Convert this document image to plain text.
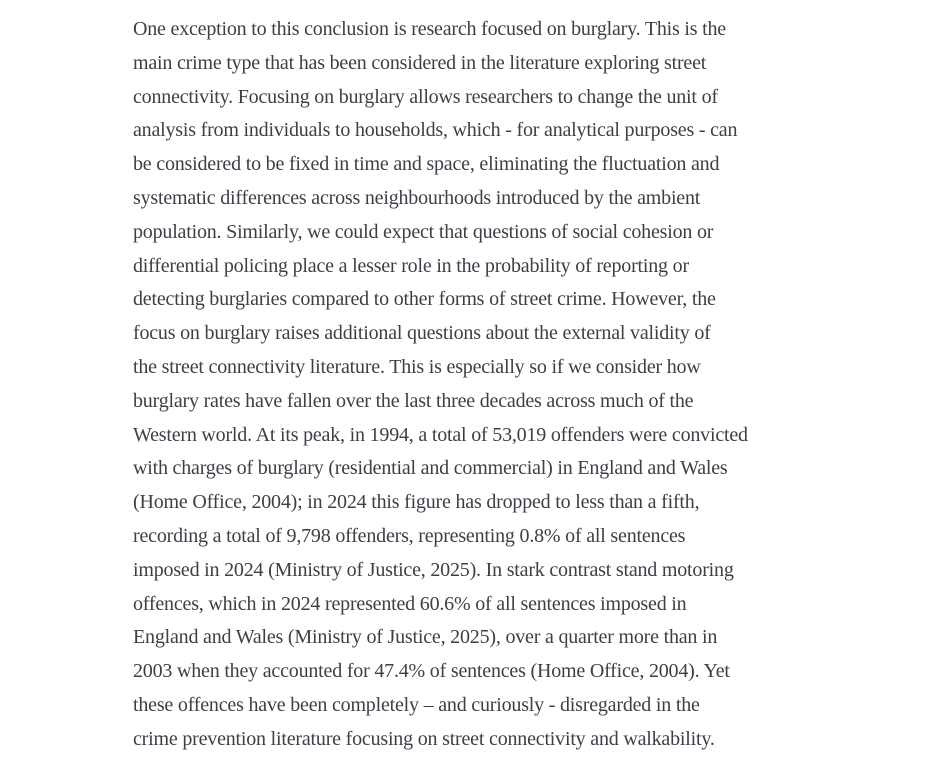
One exception to this conclusion is research focused on burglary. This is the
main crime type that has been considered in the literature exploring street
connectivity. Focusing on burglary allows researchers to change the unit of
analysis from individuals to households, which - for analytical purposes - can
be considered to be fixed in time and space, eliminating the fluctuation and
systematic differences across neighbourhoods introduced by the ambient
population. Similarly, we could expect that questions of social cohesion or
differential policing place a lesser role in the probability of reporting or
detecting burglaries compared to other forms of street crime. However, the
focus on burglary raises additional questions about the external validity of
the street connectivity literature. This is especially so if we consider how
burglary rates have fallen over the last three decades across much of the
Western world. At its peak, in 1994, a total of 53,019 offenders were convicted
with charges of burglary (residential and commercial) in England and Wales
(Home Office, 2004); in 2024 this figure has dropped to less than a fifth,
recording a total of 9,798 offenders, representing 0.8% of all sentences
imposed in 2024 (Ministry of Justice, 2025). In stark contrast stand motoring
offences, which in 2024 represented 60.6% of all sentences imposed in
England and Wales (Ministry of Justice, 2025), over a quarter more than in
2003 when they accounted for 47.4% of sentences (Home Office, 2004). Yet
these offences have been completely – and curiously - disregarded in the
crime prevention literature focusing on street connectivity and walkability.
